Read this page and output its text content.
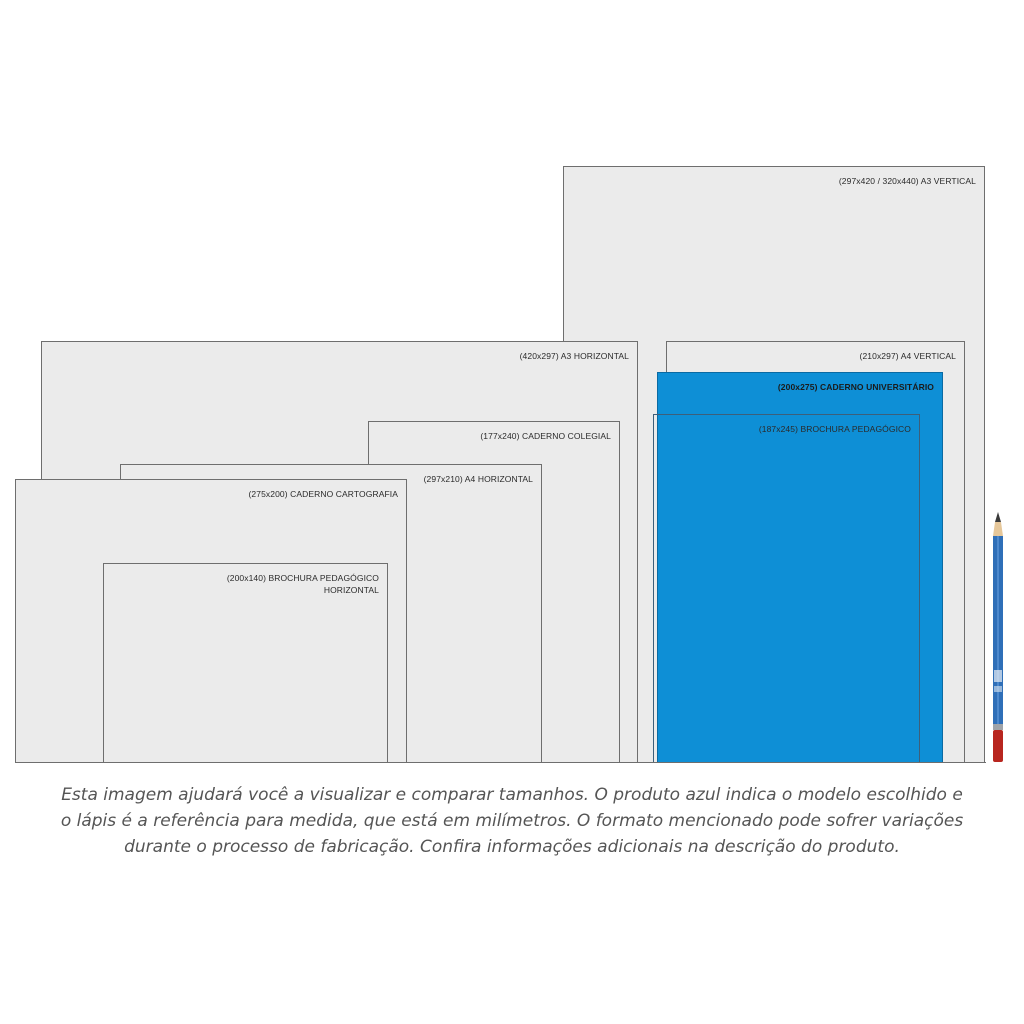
(297x420 / 320x440) A3 VERTICAL
(210x297) A4 VERTICAL
(200x275) CADERNO UNIVERSITÁRIO
(187x245) BROCHURA PEDAGÓGICO
(420x297) A3 HORIZONTAL
(177x240) CADERNO COLEGIAL
(297x210) A4 HORIZONTAL
(275x200) CADERNO CARTOGRAFIA
(200x140) BROCHURA PEDAGÓGICO
HORIZONTAL
Esta imagem ajudará você a visualizar e comparar tamanhos. O produto azul indica o modelo escolhido e
o lápis é a referência para medida, que está em milímetros. O formato mencionado pode sofrer variações
durante o processo de fabricação. Confira informações adicionais na descrição do produto.
